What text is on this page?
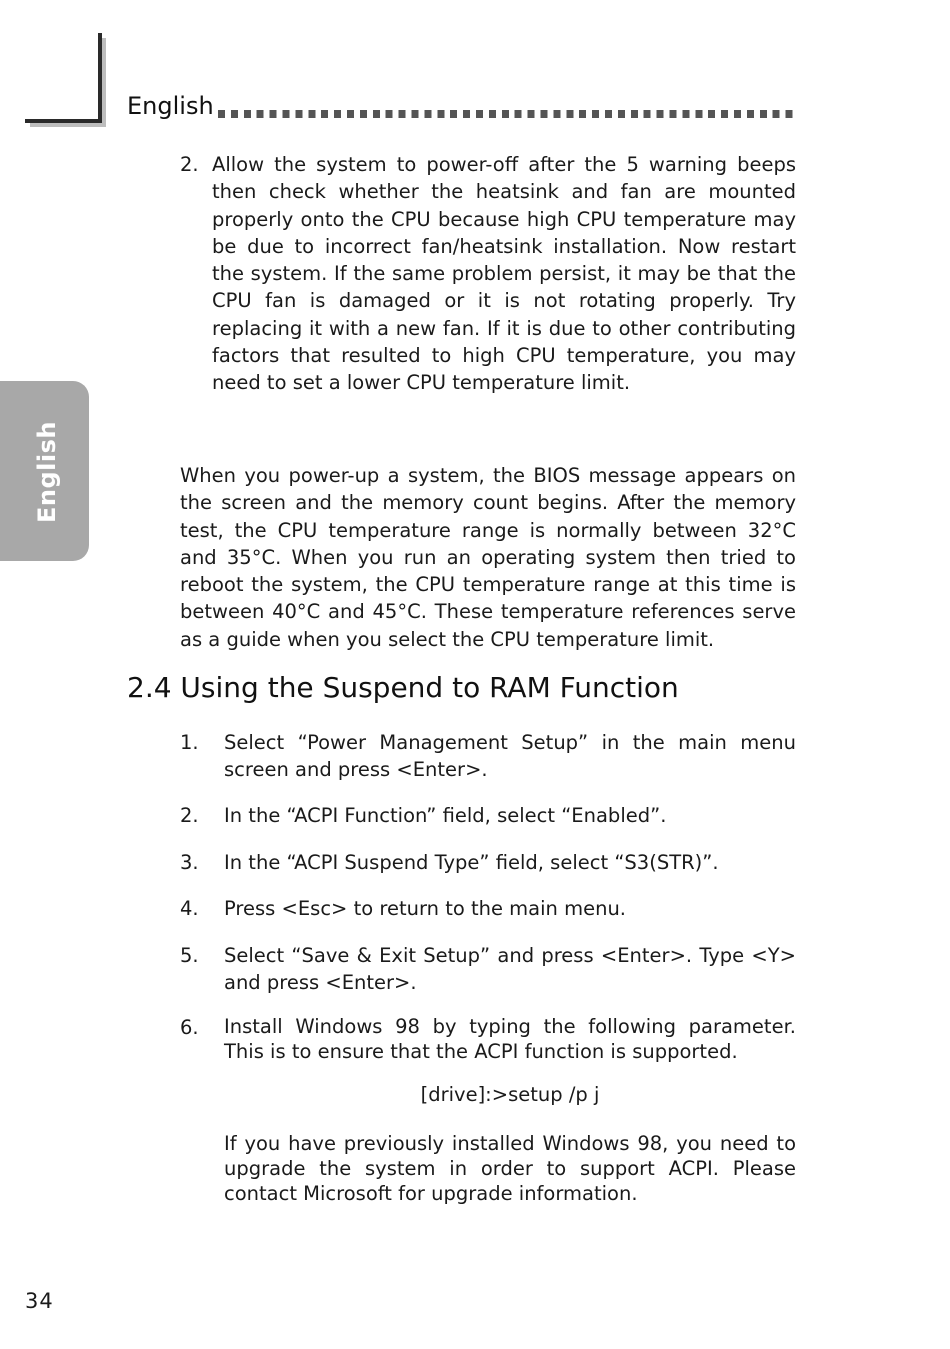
English
English
2. Allow the system to power-off after the 5 warning beeps then check whether the heatsink and fan are mounted properly onto the CPU because high CPU temperature may be due to incorrect fan/heatsink installation. Now restart the system. If the same problem persist, it may be that the CPU fan is damaged or it is not rotating properly. Try replacing it with a new fan. If it is due to other contributing factors that resulted to high CPU temperature, you may need to set a lower CPU temperature limit.

When you power-up a system, the BIOS message appears on the screen and the memory count begins. After the memory test, the CPU temperature range is normally between 32°C and 35°C. When you run an operating system then tried to reboot the system, the CPU temperature range at this time is between 40°C and 45°C. These temperature references serve as a guide when you select the CPU temperature limit.

2.4 Using the Suspend to RAM Function
1. Select “Power Management Setup” in the main menu screen and press <Enter>.

2. In the “ACPI Function” field, select “Enabled”.

3. In the “ACPI Suspend Type” field, select “S3(STR)”.

4. Press <Esc> to return to the main menu.

5. Select “Save & Exit Setup” and press <Enter>. Type <Y> and press <Enter>.

6. Install Windows 98 by typing the following parameter. This is to ensure that the ACPI function is supported.

[drive]:>setup /p j

If you have previously installed Windows 98, you need to upgrade the system in order to support ACPI. Please contact Microsoft for upgrade information.

34
